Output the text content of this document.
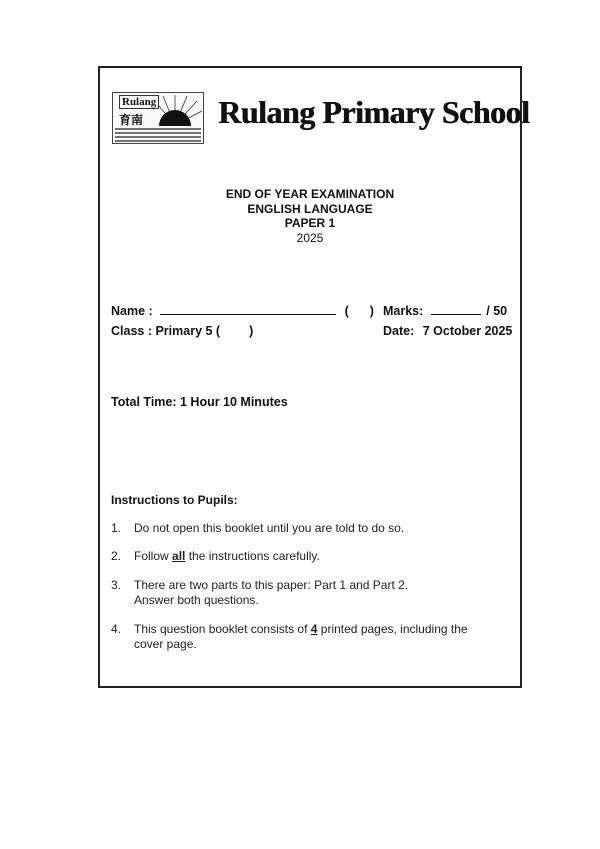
Rulang
育南 Rulang Primary School
END OF YEAR EXAMINATION
ENGLISH LANGUAGE
PAPER 1
2025
Name :	( ) Marks:	/ 50
Class : Primary 5 ( )	Date: 7 October 2025
Total Time: 1 Hour 10 Minutes
Instructions to Pupils:
1. Do not open this booklet until you are told to do so.
2. Follow all the instructions carefully.
3. There are two parts to this paper: Part 1 and Part 2.
Answer both questions.
4. This question booklet consists of 4 printed pages, including the
cover page.
